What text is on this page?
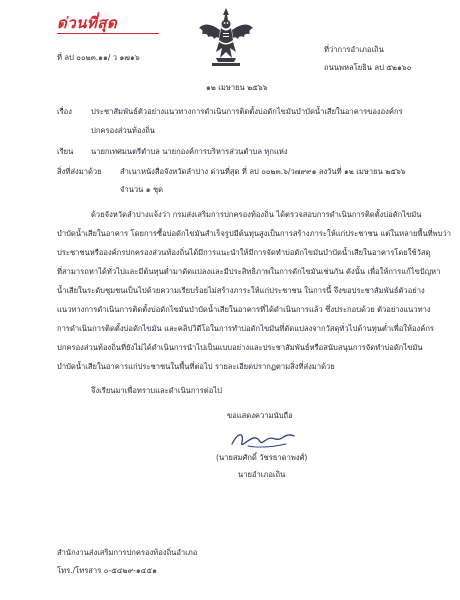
ด่วนที่สุด
ที่ ลป ๐๐๒๓.๑๑/ ว ๑๗๑๖
ที่ว่าการอำเภอเถิน
ถนนพหลโยธิน ลป ๕๒๑๖๐
๑๒ เมษายน ๒๕๖๖
เรื่อง	ประชาสัมพันธ์ตัวอย่างแนวทางการดำเนินการติดตั้งบ่อดักไขมันบำบัดน้ำเสียในอาคารขององค์กร
ปกครองส่วนท้องถิ่น
เรียน นายกเทศมนตรีตำบล นายกองค์การบริหารส่วนตำบล ทุกแห่ง
สิ่งที่ส่งมาด้วย สำเนาหนังสือจังหวัดลำปาง ด่วนที่สุด ที่ ลป ๐๐๒๓.๖/ว๗๙๙๑ ลงวันที่ ๑๒ เมษายน ๒๕๖๖
จำนวน ๑ ชุด
ด้วยจังหวัดลำปางแจ้งว่า กรมส่งเสริมการปกครองท้องถิ่น ได้ตรวจสอบการดำเนินการติดตั้งบ่อดักไขมัน
บำบัดน้ำเสียในอาคาร โดยการซื้อบ่อดักไขมันสำเร็จรูปมีต้นทุนสูงเป็นการสร้างภาระให้แก่ประชาชน แต่ในหลายพื้นที่พบว่า
ประชาชนหรือองค์กรปกครองส่วนท้องถิ่นได้มีการแนะนำให้มีการจัดทำบ่อดักไขมันบำบัดน้ำเสียในอาคารโดยใช้วัสดุ
ที่สามารถหาได้ทั่วไปและมีต้นทุนต่ำมาดัดแปลงและมีประสิทธิภาพในการดักไขมันเช่นกัน ดังนั้น เพื่อให้การแก้ไขปัญหา
น้ำเสียในระดับชุมชนเป็นไปด้วยความเรียบร้อยไม่สร้างภาระให้แก่ประชาชน ในการนี้ จึงขอประชาสัมพันธ์ตัวอย่าง
แนวทางการดำเนินการติดตั้งบ่อดักไขมันบำบัดน้ำเสียในอาคารที่ได้ดำเนินการแล้ว ซึ่งประกอบด้วย ตัวอย่างแนวทาง
การดำเนินการติดตั้งบ่อดักไขมัน และคลิปวิดีโอในการทำบ่อดักไขมันที่ดัดแปลงจากวัสดุทั่วไปด้านทุนต่ำเพื่อให้องค์กร
ปกครองส่วนท้องถิ่นที่ยังไม่ได้ดำเนินการนำไปเป็นแบบอย่างและประชาสัมพันธ์หรือสนับสนุนการจัดทำบ่อดักไขมัน
บำบัดน้ำเสียในอาคารแก่ประชาชนในพื้นที่ต่อไป รายละเอียดปรากฏตามสิ่งที่ส่งมาด้วย
จึงเรียนมาเพื่อทราบและดำเนินการต่อไป
ขอแสดงความนับถือ
(นายสมศักดิ์ วัชรธาดาพงศ์)
นายอำเภอเถิน
สำนักงานส่งเสริมการปกครองท้องถิ่นอำเภอ
โทร./โทรสาร ๐-๕๔๒๙-๑๔๕๑
